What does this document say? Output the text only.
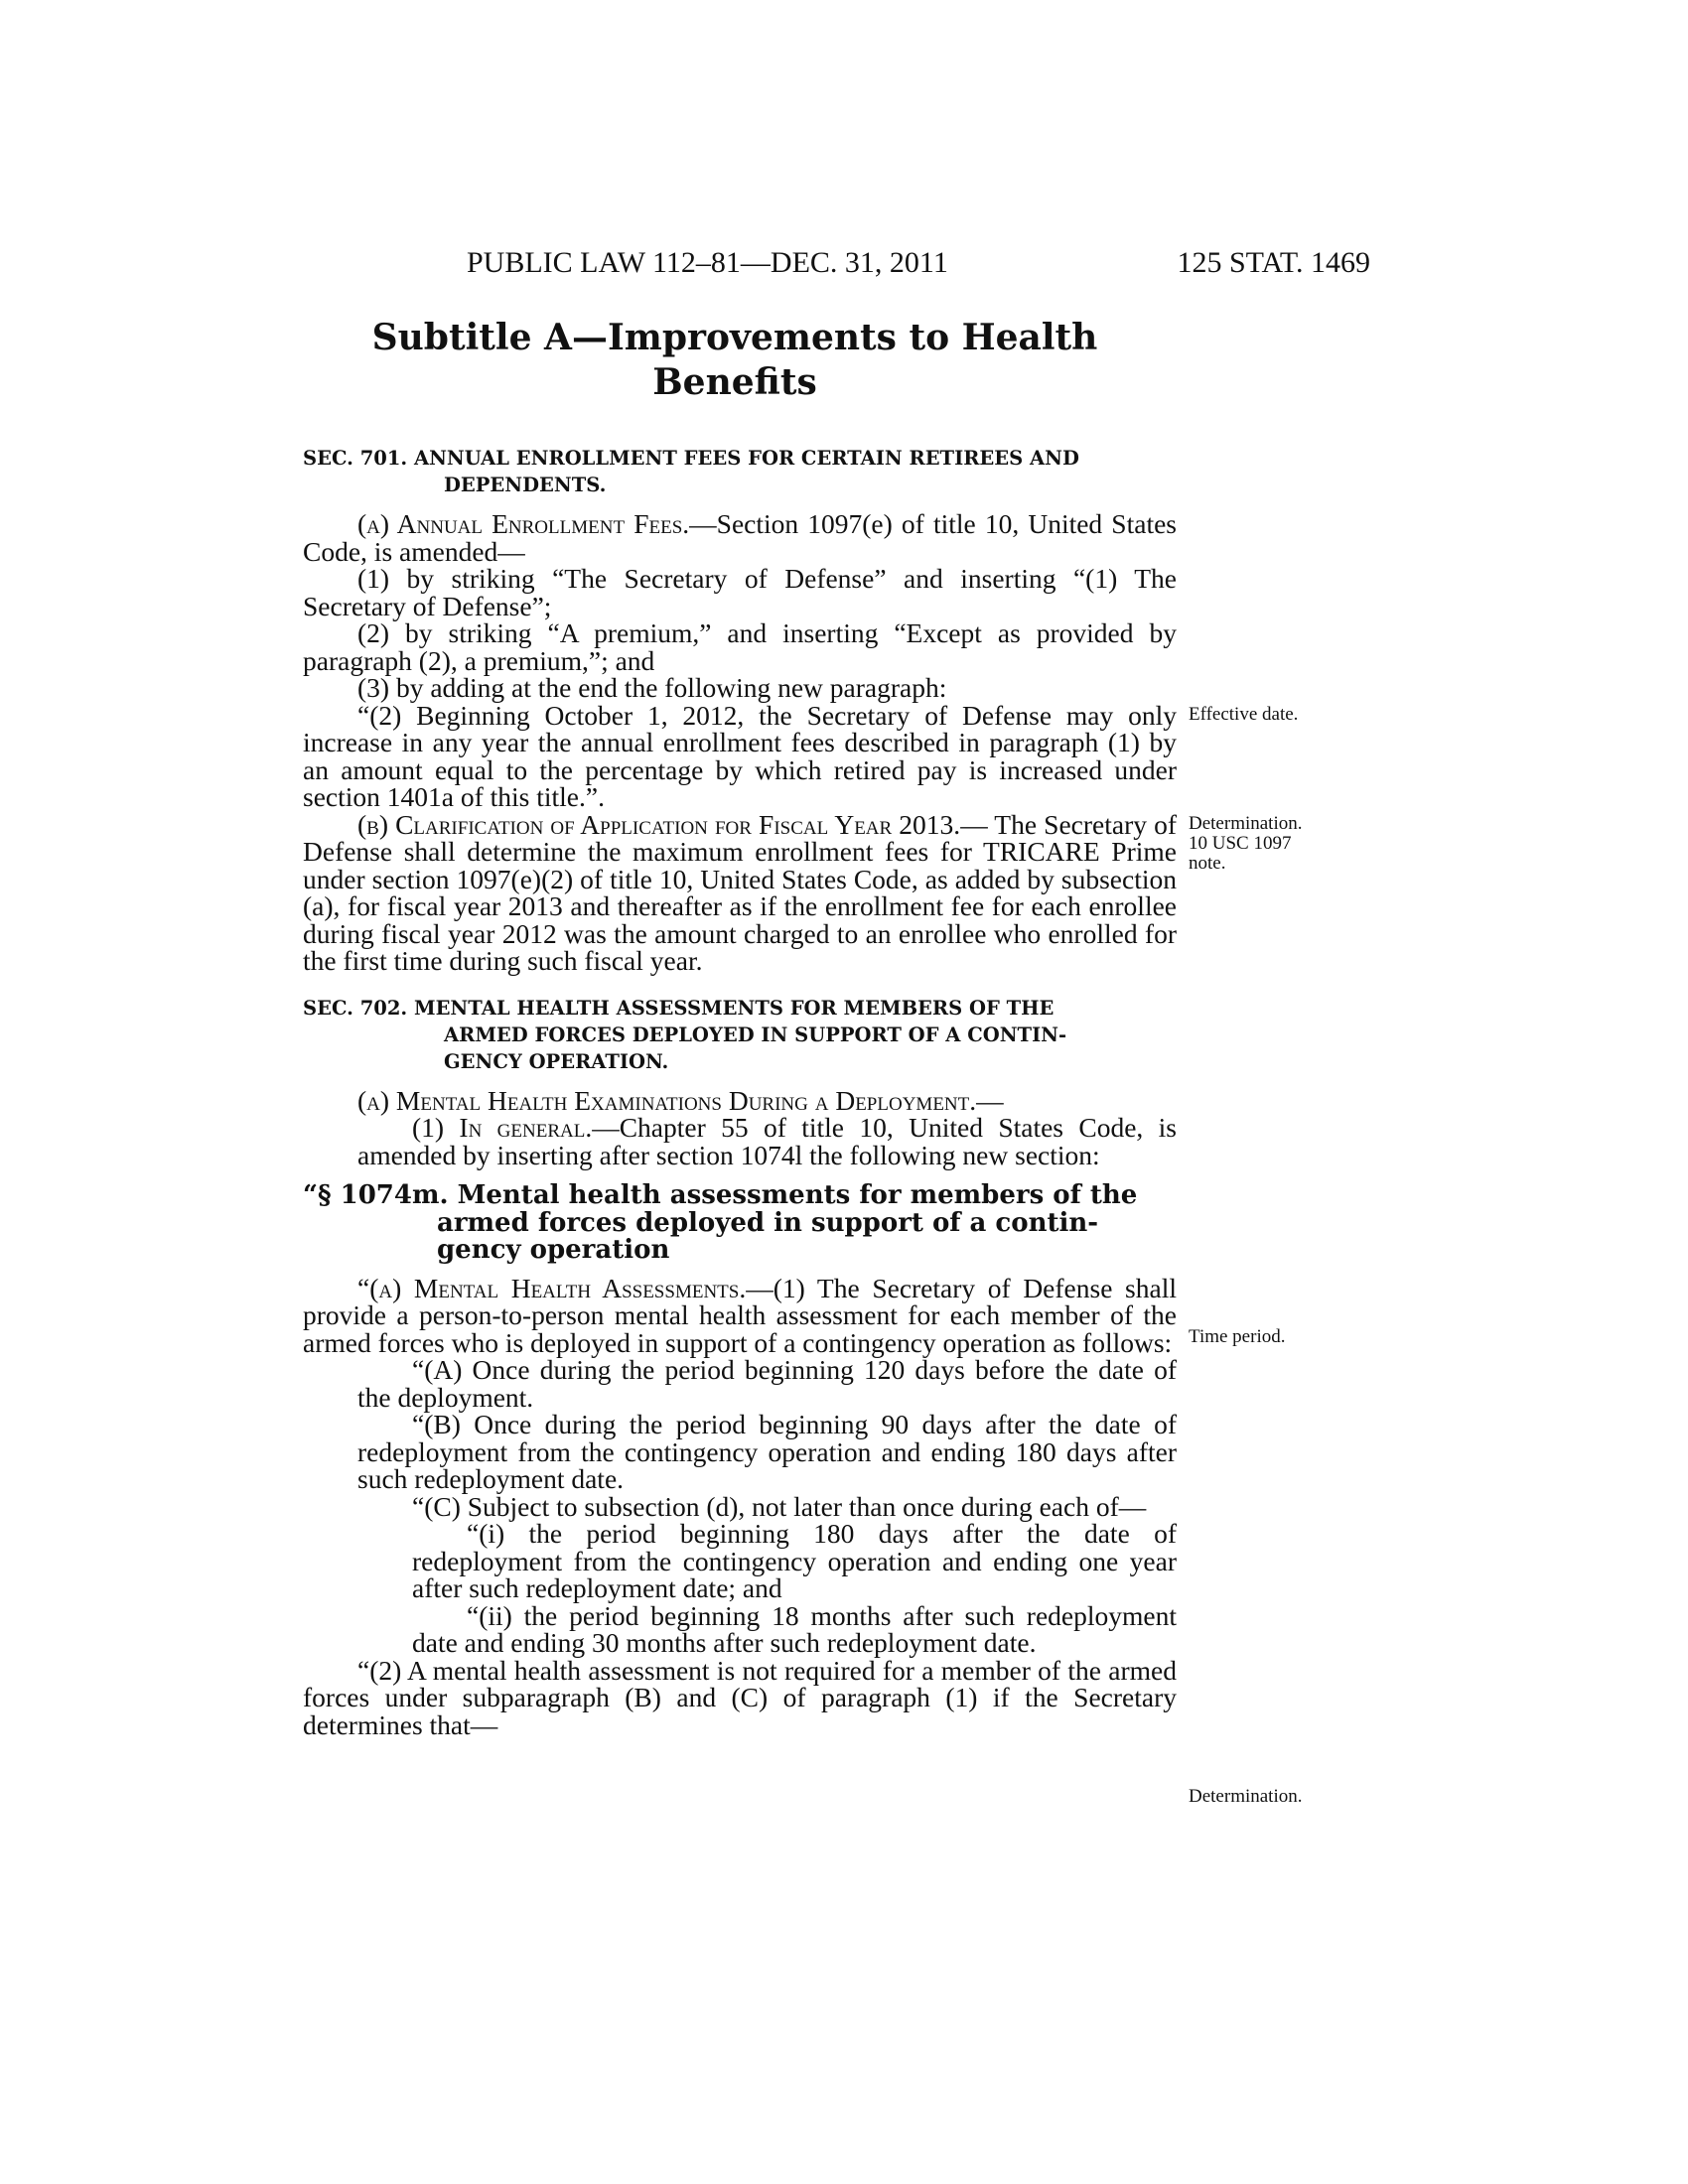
PUBLIC LAW 112–81—DEC. 31, 2011	125 STAT. 1469
Subtitle A—Improvements to Health
Benefits
SEC. 701. ANNUAL ENROLLMENT FEES FOR CERTAIN RETIREES AND
DEPENDENTS.

(a) Annual Enrollment Fees.—Section 1097(e) of title 10, United States Code, is amended—

(1) by striking “The Secretary of Defense” and inserting “(1) The Secretary of Defense”;

(2) by striking “A premium,” and inserting “Except as provided by paragraph (2), a premium,”; and

(3) by adding at the end the following new paragraph:

“(2) Beginning October 1, 2012, the Secretary of Defense may only increase in any year the annual enrollment fees described in paragraph (1) by an amount equal to the percentage by which retired pay is increased under section 1401a of this title.”.

(b) Clarification of Application for Fiscal Year 2013.— The Secretary of Defense shall determine the maximum enrollment fees for TRICARE Prime under section 1097(e)(2) of title 10, United States Code, as added by subsection (a), for fiscal year 2013 and thereafter as if the enrollment fee for each enrollee during fiscal year 2012 was the amount charged to an enrollee who enrolled for the first time during such fiscal year.

SEC. 702. MENTAL HEALTH ASSESSMENTS FOR MEMBERS OF THE
ARMED FORCES DEPLOYED IN SUPPORT OF A CONTIN-
GENCY OPERATION.

(a) Mental Health Examinations During a Deployment.—

(1) In general.—Chapter 55 of title 10, United States Code, is amended by inserting after section 1074l the following new section:

“§ 1074m. Mental health assessments for members of the
armed forces deployed in support of a contin-
gency operation

“(a) Mental Health Assessments.—(1) The Secretary of Defense shall provide a person-to-person mental health assessment for each member of the armed forces who is deployed in support of a contingency operation as follows:

“(A) Once during the period beginning 120 days before the date of the deployment.

“(B) Once during the period beginning 90 days after the date of redeployment from the contingency operation and ending 180 days after such redeployment date.

“(C) Subject to subsection (d), not later than once during each of—

“(i) the period beginning 180 days after the date of redeployment from the contingency operation and ending one year after such redeployment date; and

“(ii) the period beginning 18 months after such redeployment date and ending 30 months after such redeployment date.

“(2) A mental health assessment is not required for a member of the armed forces under subparagraph (B) and (C) of paragraph (1) if the Secretary determines that—

Effective date.
Determination.
10 USC 1097
note.
Time period.
Determination.
